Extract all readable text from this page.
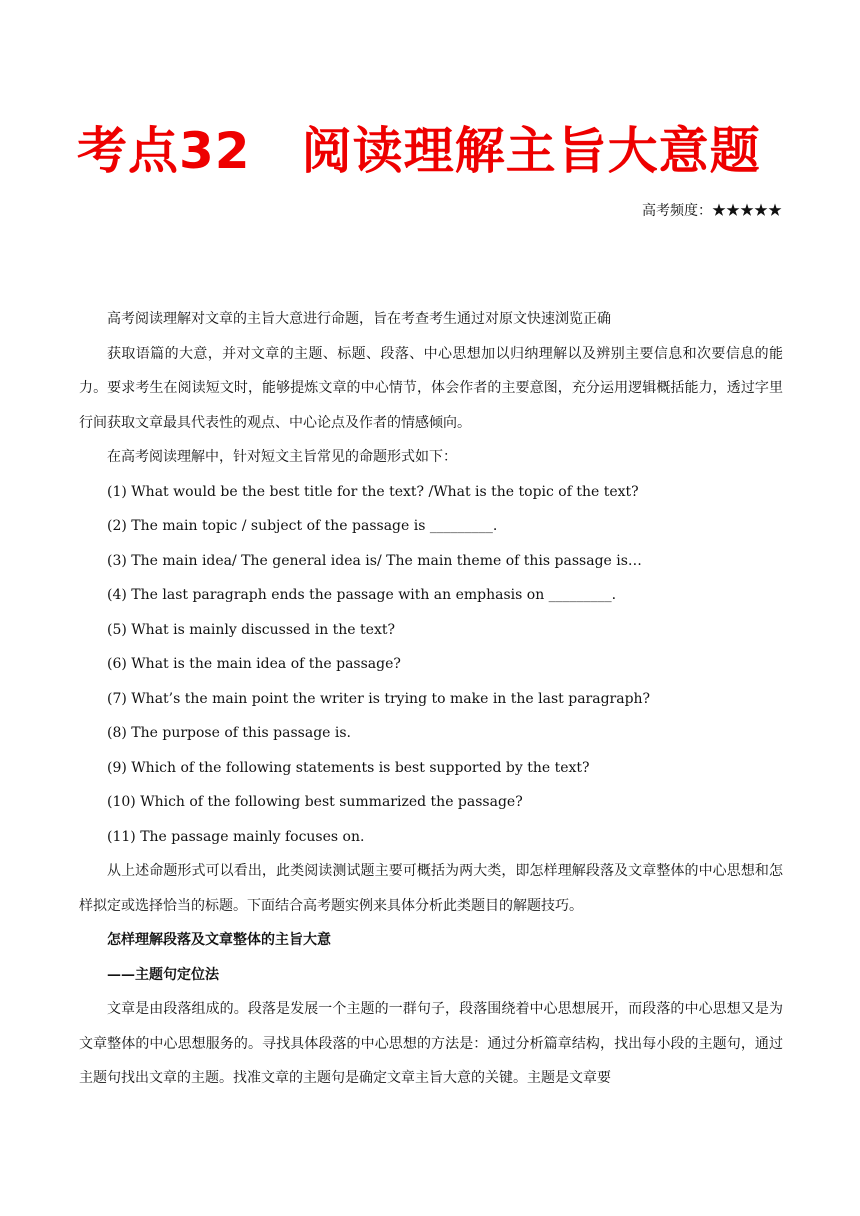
考点32　阅读理解主旨大意题
高考频度：★★★★★

高考阅读理解对文章的主旨大意进行命题，旨在考查考生通过对原文快速浏览正确

获取语篇的大意，并对文章的主题、标题、段落、中心思想加以归纳理解以及辨别主要信息和次要信息的能力。要求考生在阅读短文时，能够提炼文章的中心情节，体会作者的主要意图，充分运用逻辑概括能力，透过字里行间获取文章最具代表性的观点、中心论点及作者的情感倾向。

在高考阅读理解中，针对短文主旨常见的命题形式如下：

(1) What would be the best title for the text? /What is the topic of the text?

(2) The main topic / subject of the passage is _________.

(3) The main idea/ The general idea is/ The main theme of this passage is…

(4) The last paragraph ends the passage with an emphasis on _________.

(5) What is mainly discussed in the text?

(6) What is the main idea of the passage?

(7) What’s the main point the writer is trying to make in the last paragraph?

(8) The purpose of this passage is.

(9) Which of the following statements is best supported by the text?

(10) Which of the following best summarized the passage?

(11) The passage mainly focuses on.

从上述命题形式可以看出，此类阅读测试题主要可概括为两大类，即怎样理解段落及文章整体的中心思想和怎样拟定或选择恰当的标题。下面结合高考题实例来具体分析此类题目的解题技巧。

怎样理解段落及文章整体的主旨大意

——主题句定位法

文章是由段落组成的。段落是发展一个主题的一群句子，段落围绕着中心思想展开，而段落的中心思想又是为文章整体的中心思想服务的。寻找具体段落的中心思想的方法是：通过分析篇章结构，找出每小段的主题句，通过主题句找出文章的主题。找准文章的主题句是确定文章主旨大意的关键。主题是文章要
